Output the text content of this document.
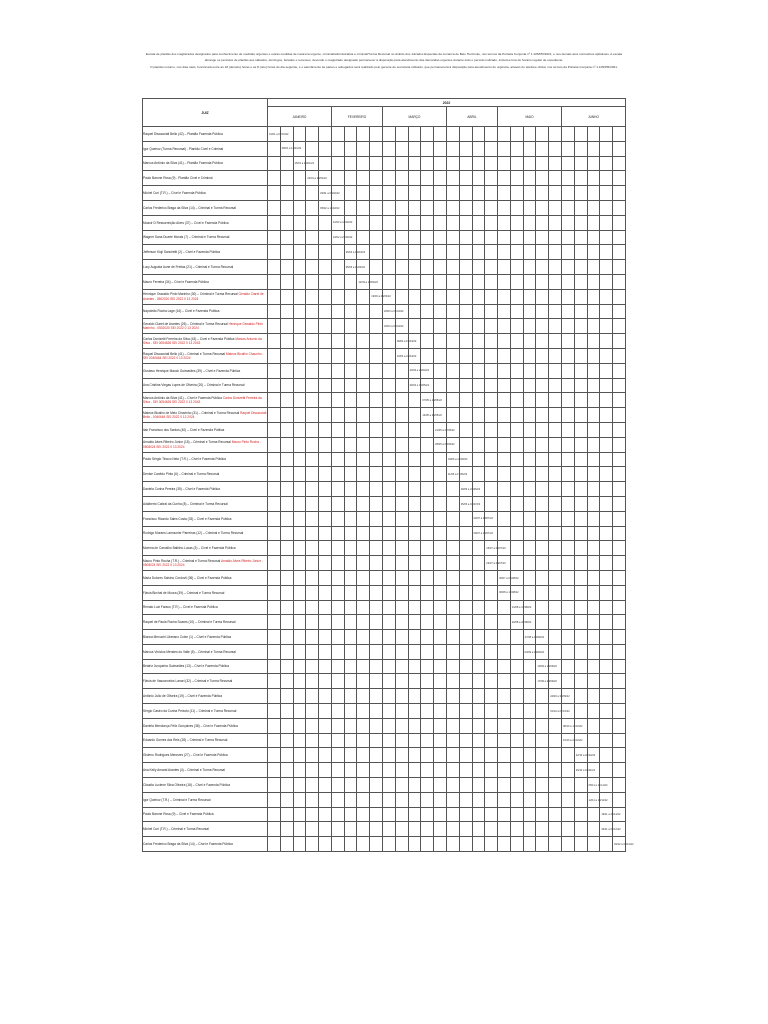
Escala de plantão dos magistrados designados para conhecimento de medidas urgentes e outras medidas de natureza urgente, criminal/administrativa e criminal/Turma Recursal no âmbito dos Juizados Especiais da comarca de Belo Horizonte, nos termos da Portaria Conjunta nº 1.105/PR/2021, e nos demais atos normativos aplicáveis. A escala abrange os períodos de plantão aos sábados, domingos, feriados e recessos, devendo o magistrado designado permanecer à disposição para atendimento das demandas urgentes durante todo o período indicado, inclusive fora do horário regular de expediente.

O plantão noturno, nos dias úteis, funcionará entre as 18 (dezoito) horas e as 8 (oito) horas do dia seguinte, e o atendimento às partes e advogados será realizado pelo gerente de secretaria indicado, que permanecerá à disposição para atendimento de urgência, através do telefone oficial, nos termos da Portaria Conjunta nº 1.105/PR/2021.

JUIZ	2022																											
	JANEIRO					FEVEREIRO				MARÇO					ABRIL				MAIO					JUNHO				
Raquel Discacciati Bello (42) – Plantão Fazenda Pública	01/01 a 07/01/22																											

Igor Queiroz (Turma Recursal) - Plantão Cível e Criminal		08/01 a 14/01/22																										

Marcos Antônio da Silva (41) – Plantão Fazenda Pública			15/01 a 21/01/22																									

Paulo Barone Rosa (9) - Plantão Cível e Criminal				22/01 a 28/01/22																								

Michel Curi (T.R.) – Cível e Fazenda Pública					29/01 a 04/02/22																							

Carlos Frederico Braga da Silva (14) – Criminal e Turma Recursal					05/02 a 11/02/22																							

Moacir D Ressurreição Alves (37) – Cível e Fazenda Pública						12/02 a 18/02/22																						

Wagner Sana Duarte Morais (7) – Criminal e Turma Recursal						19/02 a 25/02/22																						

Jefferson Kioji Sanchetti (2) – Cível e Fazenda Pública							26/02 a 04/03/22																					

Lucy Augusta Aune de Freitas (21) – Criminal e Turma Recursal							05/03 a 11/03/22																					

Mauro Ferreira (34) – Cível e Fazenda Pública								12/03 a 18/03/22																				

Henrique Oswaldo Pinto Marinho (30) – Criminal e Turma Recursal Geraldo Claret de Arantes - 0502020 SEI 2022 0 13 2024									19/03 a 25/03/22																			

Napoleão Rocha Lage (16) – Cível e Fazenda Pública										26/03 a 01/04/22																		

Geraldo Claret de Arantes (26) – Criminal e Turma Recursal Henrique Oswaldo Pinto Marinho - 0502020 SEI 2022 0 13 2024										02/04 a 08/04/22																		

Carlos Donizetti Ferreira da Silva (43) – Cível e Fazenda Pública Marcos Antonio da Silva - SEI 0054626 SEI 2022 0 13 2043											09/04 a 15/04/22																	

Raquel Discacciati Bello (41) – Criminal e Turma Recursal Mateus Bicalho Chaunho - SEI 0040664 SEI 2022 0 13 2024											16/04 a 22/04/22																	

Gustavo Henrique Mauck Guimarães (39) – Cível e Fazenda Pública												23/04 a 29/04/22																

Ana Cristina Viegas Lopes de Oliveira (20) – Criminal e Turma Recursal												30/04 a 06/05/22																

Marcos Antônio da Silva (41) – Cível e Fazenda Pública Carlos Donizetti Ferreira da Silva - SEI 0054626 SEI 2022 0 13 2043													07/05 a 13/05/22															

Mateus Bicalho de Melo Chavinho (31) – Criminal e Turma Recursal Raquel Discacciati Bello - 0040664 SEI 2022 0 13 2024													14/05 a 20/05/22															

Ilair Francisco dos Santos (40) – Cível e Fazenda Pública														21/05 a 27/05/22														

Arnaldo Alves Ribeiro Júnior (15) – Criminal e Turma Recursal Mauro Pinto Rocha - 0508024 SEI 2022 0 13 2024														28/05 a 03/06/22														

Paulo Sérgio Tinoco Neto (T.R.) – Cível e Fazenda Pública															04/06 a 10/06/22													

Denise Canêdo Pinto (6) – Criminal e Turma Recursal															11/06 a 17/06/22													

Daniela Cunha Pereira (35) – Cível e Fazenda Pública																18/06 a 24/06/22												

Adalberto Cabral da Cunha (8) – Criminal e Turma Recursal																25/06 a 01/07/22												

Francisco Ricardo Sales Costa (33) – Cível e Fazenda Pública																	02/07 a 08/07/22											

Rodrigo Moraes Lamounier Parreiras (12) – Criminal e Turma Recursal																	09/07 a 15/07/22											

Moema de Carvalho Balbino Lucas (3) – Cível e Fazenda Pública																		16/07 a 22/07/22										

Mauro Pinto Rocha (T.R.) – Criminal e Turma Recursal Arnaldo Alves Ribeiro Júnior - 0508024 SEI 2022 0 13 2024																		23/07 a 29/07/22										

Maria Dolores Salvino Cordovil (36) – Cível e Fazenda Pública																			30/07 a 05/08/22									

Flávia Birchal de Moura (39) – Criminal e Turma Recursal																			06/08 a 12/08/22									

Renato Luiz Faraco (T.R.) – Cível e Fazenda Pública																				13/08 a 19/08/22								

Raquel de Paula Rocha Soares (10) – Criminal e Turma Recursal																				20/08 a 26/08/22								

Bianca Menuchi Liberano Colen (1) – Cível e Fazenda Pública																					27/08 a 02/09/22							

Marcus Vinícius Mendes do Valle (5) – Criminal e Turma Recursal																					03/09 a 09/09/22							

Beatriz Junqueira Guimarães (13) – Cível e Fazenda Pública																						10/09 a 16/09/22						

Flávia de Vasconcelos Lanari (32) – Criminal e Turma Recursal																						17/09 a 23/09/22						

Antônio Julio de Oliveira (19) – Cível e Fazenda Pública																							24/09 a 30/09/22					

Sérgio Castro da Cunha Peixoto (11) – Criminal e Turma Recursal																							01/10 a 07/10/22					

Daniela Mendonça Félix Gonçalves (38) – Cível e Fazenda Pública																								08/10 a 14/10/22				

Eduardo Gomes dos Reis (28) – Criminal e Turma Recursal																								15/10 a 21/10/22				

Gisleno Rodrigues Menezes (27) – Cível e Fazenda Pública																									22/10 a 28/10/22			

Ana Kelly Amaral Arantes (4) – Criminal e Turma Recursal																									29/10 a 04/11/22			

Cláudia Luciene Silva Oliveira (18) – Cível e Fazenda Pública																										05/11 a 11/11/22		

Igor Queiroz (T.R.) – Criminal e Turma Recursal																										12/11 a 18/11/22		

Paulo Barone Rosa (9) – Cível e Fazenda Pública																											19/11 a 25/11/22	

Michel Curi (T.R.) – Criminal e Turma Recursal																											26/11 a 02/12/22	

Carlos Frederico Braga da Silva (14) – Cível e Fazenda Pública																												03/12 a 09/12/22
